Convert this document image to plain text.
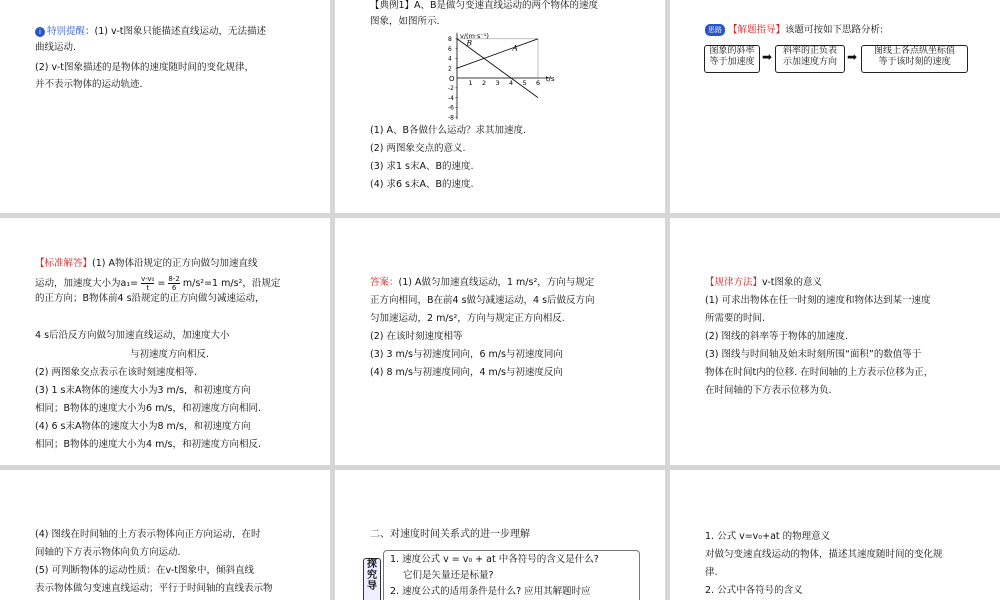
i 特别提醒：(1) v-t图象只能描述直线运动，无法描述
曲线运动.
(2) v-t图象描述的是物体的速度随时间的变化规律，
并不表示物体的运动轨迹.
【典例1】A、B是做匀变速直线运动的两个物体的速度
图象，如图所示.
v/(m·s⁻¹)
t/s
O 1 2 3 4 5 6
8
6
4
2
-2
-4
-6
-8
A
B
(1) A、B各做什么运动？求其加速度.
(2) 两图象交点的意义.
(3) 求1 s末A、B的速度.
(4) 求6 s末A、B的速度.
思路 【解题指导】该题可按如下思路分析:
图象的斜率
等于加速度 ➡	斜率的正负表
示加速度方向 ➡	图线上各点纵坐标值
等于该时刻的速度
【标准解答】(1) A物体沿规定的正方向做匀加速直线
运动，加速度大小为$a_1= \frac{\text{v-v₀}}{t} = \frac{8-2}{6} m/s^2=1$ m/s²，沿规定
的正方向；B物体前4 s沿规定的正方向做匀减速运动，
4 s后沿反方向做匀加速直线运动，加速度大小
与初速度方向相反.
(2) 两图象交点表示在该时刻速度相等.
(3) 1 s末A物体的速度大小为3 m/s，和初速度方向
相同；B物体的速度大小为6 m/s，和初速度方向相同.
(4) 6 s末A物体的速度大小为8 m/s，和初速度方向
相同；B物体的速度大小为4 m/s，和初速度方向相反.
答案：(1) A做匀加速直线运动，1 m/s²，方向与规定
正方向相同，B在前4 s做匀减速运动，4 s后做反方向
匀加速运动，2 m/s²，方向与规定正方向相反.
(2) 在该时刻速度相等
(3) 3 m/s与初速度同向，6 m/s与初速度同向
(4) 8 m/s与初速度同向，4 m/s与初速度反向
【规律方法】v-t图象的意义
(1) 可求出物体在任一时刻的速度和物体达到某一速度
所需要的时间.
(2) 图线的斜率等于物体的加速度.
(3) 图线与时间轴及始末时刻所围“面积”的数值等于
物体在时间t内的位移. 在时间轴的上方表示位移为正，
在时间轴的下方表示位移为负.
(4) 图线在时间轴的上方表示物体向正方向运动，在时
间轴的下方表示物体向负方向运动.
(5) 可判断物体的运动性质：在v-t图象中，倾斜直线
表示物体做匀变速直线运动；平行于时间轴的直线表示物
二、对速度时间关系式的进一步理解
探究导
1. 速度公式 v = v₀ + at 中各符号的含义是什么?
它们是矢量还是标量?
2. 速度公式的适用条件是什么? 应用其解题时应
1. 公式 v=v₀+at 的物理意义
对做匀变速直线运动的物体，描述其速度随时间的变化规
律.
2. 公式中各符号的含义
